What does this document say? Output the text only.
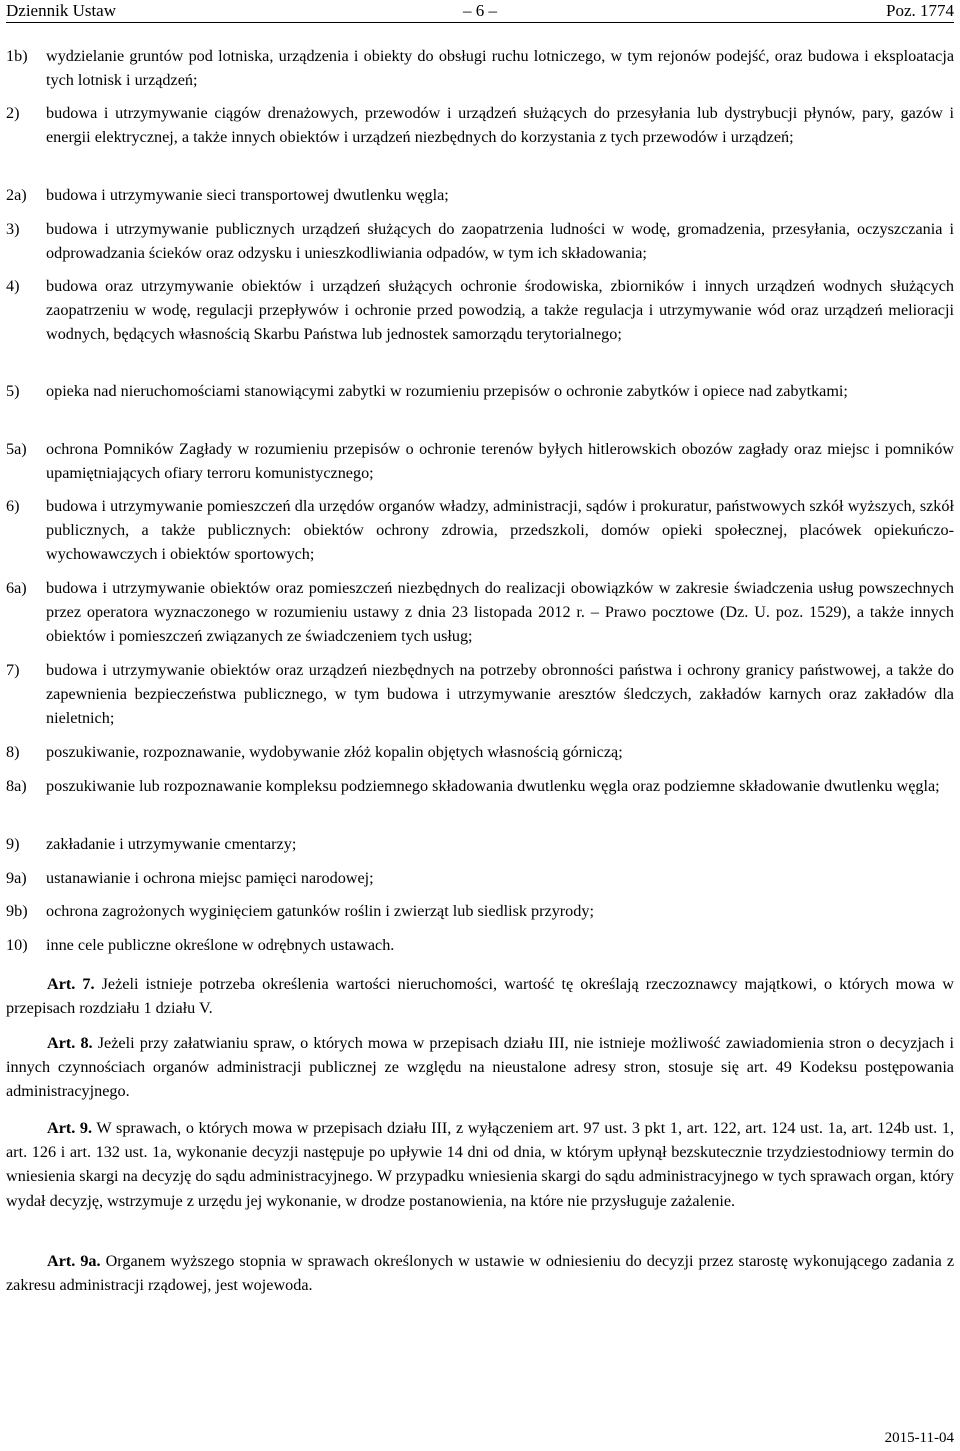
Dziennik Ustaw	– 6 –	Poz. 1774
1b) wydzielanie gruntów pod lotniska, urządzenia i obiekty do obsługi ruchu lotniczego, w tym rejonów podejść, oraz budowa i eksploatacja tych lotnisk i urządzeń;
2) budowa i utrzymywanie ciągów drenażowych, przewodów i urządzeń służących do przesyłania lub dystrybucji płynów, pary, gazów i energii elektrycznej, a także innych obiektów i urządzeń niezbędnych do korzystania z tych przewodów i urządzeń;
2a) budowa i utrzymywanie sieci transportowej dwutlenku węgla;
3) budowa i utrzymywanie publicznych urządzeń służących do zaopatrzenia ludności w wodę, gromadzenia, przesyłania, oczyszczania i odprowadzania ścieków oraz odzysku i unieszkodliwiania odpadów, w tym ich składowania;
4) budowa oraz utrzymywanie obiektów i urządzeń służących ochronie środowiska, zbiorników i innych urządzeń wodnych służących zaopatrzeniu w wodę, regulacji przepływów i ochronie przed powodzią, a także regulacja i utrzymywanie wód oraz urządzeń melioracji wodnych, będących własnością Skarbu Państwa lub jednostek samorządu terytorialnego;
5) opieka nad nieruchomościami stanowiącymi zabytki w rozumieniu przepisów o ochronie zabytków i opiece nad zabytkami;
5a) ochrona Pomników Zagłady w rozumieniu przepisów o ochronie terenów byłych hitlerowskich obozów zagłady oraz miejsc i pomników upamiętniających ofiary terroru komunistycznego;
6) budowa i utrzymywanie pomieszczeń dla urzędów organów władzy, administracji, sądów i prokuratur, państwowych szkół wyższych, szkół publicznych, a także publicznych: obiektów ochrony zdrowia, przedszkoli, domów opieki społecznej, placówek opiekuńczo-wychowawczych i obiektów sportowych;
6a) budowa i utrzymywanie obiektów oraz pomieszczeń niezbędnych do realizacji obowiązków w zakresie świadczenia usług powszechnych przez operatora wyznaczonego w rozumieniu ustawy z dnia 23 listopada 2012 r. – Prawo pocztowe (Dz. U. poz. 1529), a także innych obiektów i pomieszczeń związanych ze świadczeniem tych usług;
7) budowa i utrzymywanie obiektów oraz urządzeń niezbędnych na potrzeby obronności państwa i ochrony granicy państwowej, a także do zapewnienia bezpieczeństwa publicznego, w tym budowa i utrzymywanie aresztów śledczych, zakładów karnych oraz zakładów dla nieletnich;
8) poszukiwanie, rozpoznawanie, wydobywanie złóż kopalin objętych własnością górniczą;
8a) poszukiwanie lub rozpoznawanie kompleksu podziemnego składowania dwutlenku węgla oraz podziemne składowanie dwutlenku węgla;
9) zakładanie i utrzymywanie cmentarzy;
9a) ustanawianie i ochrona miejsc pamięci narodowej;
9b) ochrona zagrożonych wyginięciem gatunków roślin i zwierząt lub siedlisk przyrody;
10) inne cele publiczne określone w odrębnych ustawach.
Art. 7. Jeżeli istnieje potrzeba określenia wartości nieruchomości, wartość tę określają rzeczoznawcy majątkowi, o których mowa w przepisach rozdziału 1 działu V.
Art. 8. Jeżeli przy załatwianiu spraw, o których mowa w przepisach działu III, nie istnieje możliwość zawiadomienia stron o decyzjach i innych czynnościach organów administracji publicznej ze względu na nieustalone adresy stron, stosuje się art. 49 Kodeksu postępowania administracyjnego.
Art. 9. W sprawach, o których mowa w przepisach działu III, z wyłączeniem art. 97 ust. 3 pkt 1, art. 122, art. 124 ust. 1a, art. 124b ust. 1, art. 126 i art. 132 ust. 1a, wykonanie decyzji następuje po upływie 14 dni od dnia, w którym upłynął bezskutecznie trzydziestodniowy termin do wniesienia skargi na decyzję do sądu administracyjnego. W przypadku wniesienia skargi do sądu administracyjnego w tych sprawach organ, który wydał decyzję, wstrzymuje z urzędu jej wykonanie, w drodze postanowienia, na które nie przysługuje zażalenie.
Art. 9a. Organem wyższego stopnia w sprawach określonych w ustawie w odniesieniu do decyzji przez starostę wykonującego zadania z zakresu administracji rządowej, jest wojewoda.
2015-11-04
